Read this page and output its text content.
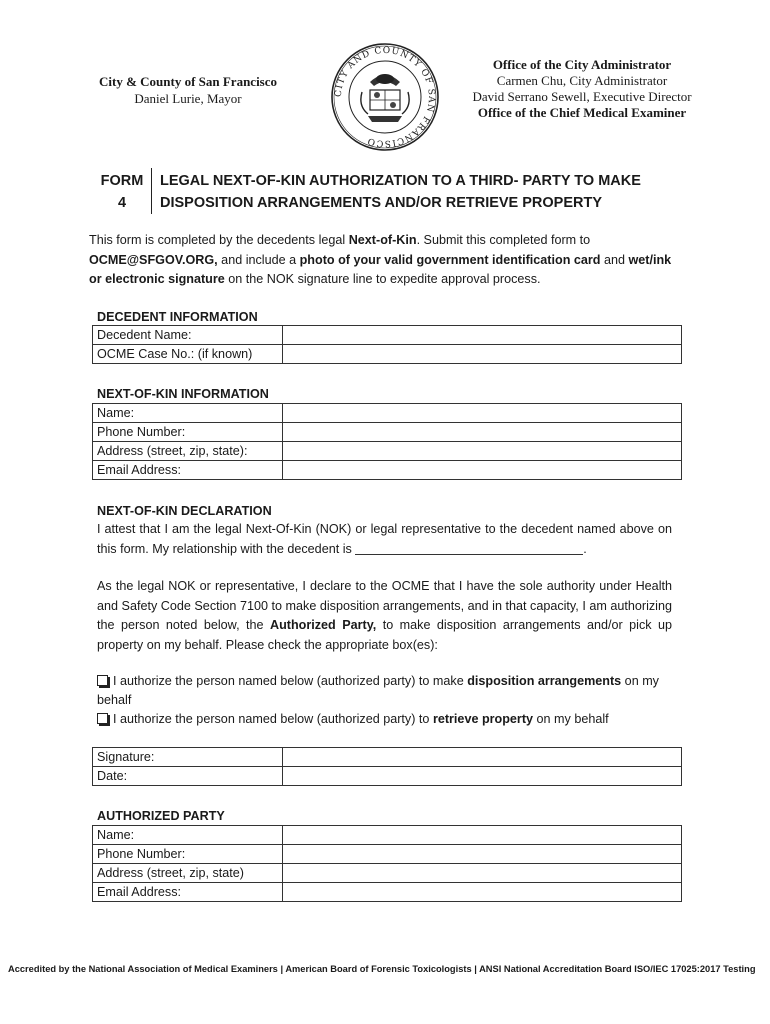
City & County of San Francisco
Daniel Lurie, Mayor	CITY AND COUNTY OF SAN FRANCISCO
Office of the City Administrator
Carmen Chu, City Administrator
David Serrano Sewell, Executive Director
Office of the Chief Medical Examiner
FORM
4
LEGAL NEXT-OF-KIN AUTHORIZATION TO A THIRD- PARTY TO MAKE
DISPOSITION ARRANGEMENTS AND/OR RETRIEVE PROPERTY
This form is completed by the decedents legal Next-of-Kin. Submit this completed form to OCME@SFGOV.ORG, and include a photo of your valid government identification card and wet/ink or electronic signature on the NOK signature line to expedite approval process.
DECEDENT INFORMATION
Decedent Name:	
OCME Case No.: (if known)	
NEXT-OF-KIN INFORMATION
Name:	
Phone Number:	
Address (street, zip, state):	
Email Address:	
NEXT-OF-KIN DECLARATION
I attest that I am the legal Next-Of-Kin (NOK) or legal representative to the decedent named above on this form. My relationship with the decedent is	.
As the legal NOK or representative, I declare to the OCME that I have the sole authority under Health and Safety Code Section 7100 to make disposition arrangements, and in that capacity, I am authorizing the person noted below, the Authorized Party, to make disposition arrangements and/or pick up property on my behalf. Please check the appropriate box(es):
I authorize the person named below (authorized party) to make disposition arrangements on my behalf
I authorize the person named below (authorized party) to retrieve property on my behalf
Signature:	
Date:	
AUTHORIZED PARTY
Name:	
Phone Number:	
Address (street, zip, state)	
Email Address:	
Accredited by the National Association of Medical Examiners | American Board of Forensic Toxicologists | ANSI National Accreditation Board ISO/IEC 17025:2017 Testing
